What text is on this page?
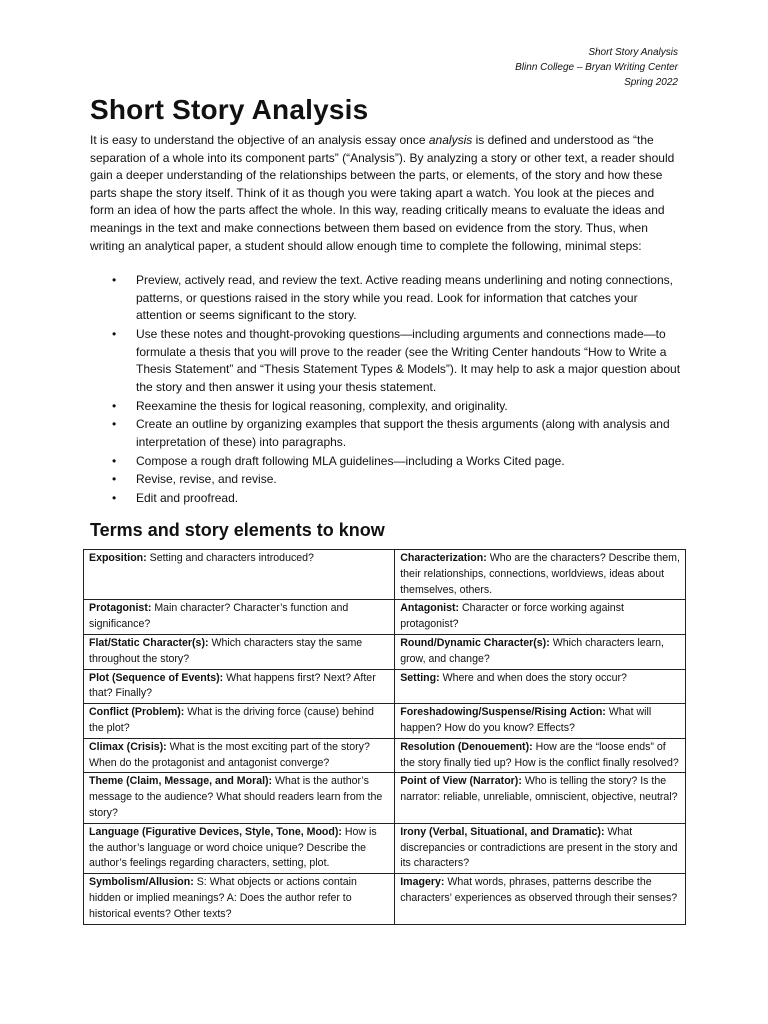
Short Story Analysis
Blinn College – Bryan Writing Center
Spring 2022
Short Story Analysis

It is easy to understand the objective of an analysis essay once analysis is defined and understood as “the separation of a whole into its component parts” (“Analysis”). By analyzing a story or other text, a reader should gain a deeper understanding of the relationships between the parts, or elements, of the story and how these parts shape the story itself. Think of it as though you were taking apart a watch. You look at the pieces and form an idea of how the parts affect the whole. In this way, reading critically means to evaluate the ideas and meanings in the text and make connections between them based on evidence from the story. Thus, when writing an analytical paper, a student should allow enough time to complete the following, minimal steps:

• Preview, actively read, and review the text. Active reading means underlining and noting connections, patterns, or questions raised in the story while you read. Look for information that catches your attention or seems significant to the story.
• Use these notes and thought-provoking questions—including arguments and connections made—to formulate a thesis that you will prove to the reader (see the Writing Center handouts “How to Write a Thesis Statement” and “Thesis Statement Types & Models”). It may help to ask a major question about the story and then answer it using your thesis statement.
• Reexamine the thesis for logical reasoning, complexity, and originality.
• Create an outline by organizing examples that support the thesis arguments (along with analysis and interpretation of these) into paragraphs.
• Compose a rough draft following MLA guidelines—including a Works Cited page.
• Revise, revise, and revise.
• Edit and proofread.
Terms and story elements to know
Exposition: Setting and characters introduced?	Characterization: Who are the characters? Describe them, their relationships, connections, worldviews, ideas about themselves, others.
Protagonist: Main character? Character’s function and significance?	Antagonist: Character or force working against protagonist?
Flat/Static Character(s): Which characters stay the same throughout the story?	Round/Dynamic Character(s): Which characters learn, grow, and change?
Plot (Sequence of Events): What happens first? Next? After that? Finally?	Setting: Where and when does the story occur?
Conflict (Problem): What is the driving force (cause) behind the plot?	Foreshadowing/Suspense/Rising Action: What will happen? How do you know? Effects?
Climax (Crisis): What is the most exciting part of the story? When do the protagonist and antagonist converge?	Resolution (Denouement): How are the “loose ends” of the story finally tied up? How is the conflict finally resolved?
Theme (Claim, Message, and Moral): What is the author’s message to the audience? What should readers learn from the story?	Point of View (Narrator): Who is telling the story? Is the narrator: reliable, unreliable, omniscient, objective, neutral?
Language (Figurative Devices, Style, Tone, Mood): How is the author’s language or word choice unique? Describe the author’s feelings regarding characters, setting, plot.	Irony (Verbal, Situational, and Dramatic): What discrepancies or contradictions are present in the story and its characters?
Symbolism/Allusion: S: What objects or actions contain hidden or implied meanings? A: Does the author refer to historical events? Other texts?	Imagery: What words, phrases, patterns describe the characters’ experiences as observed through their senses?
